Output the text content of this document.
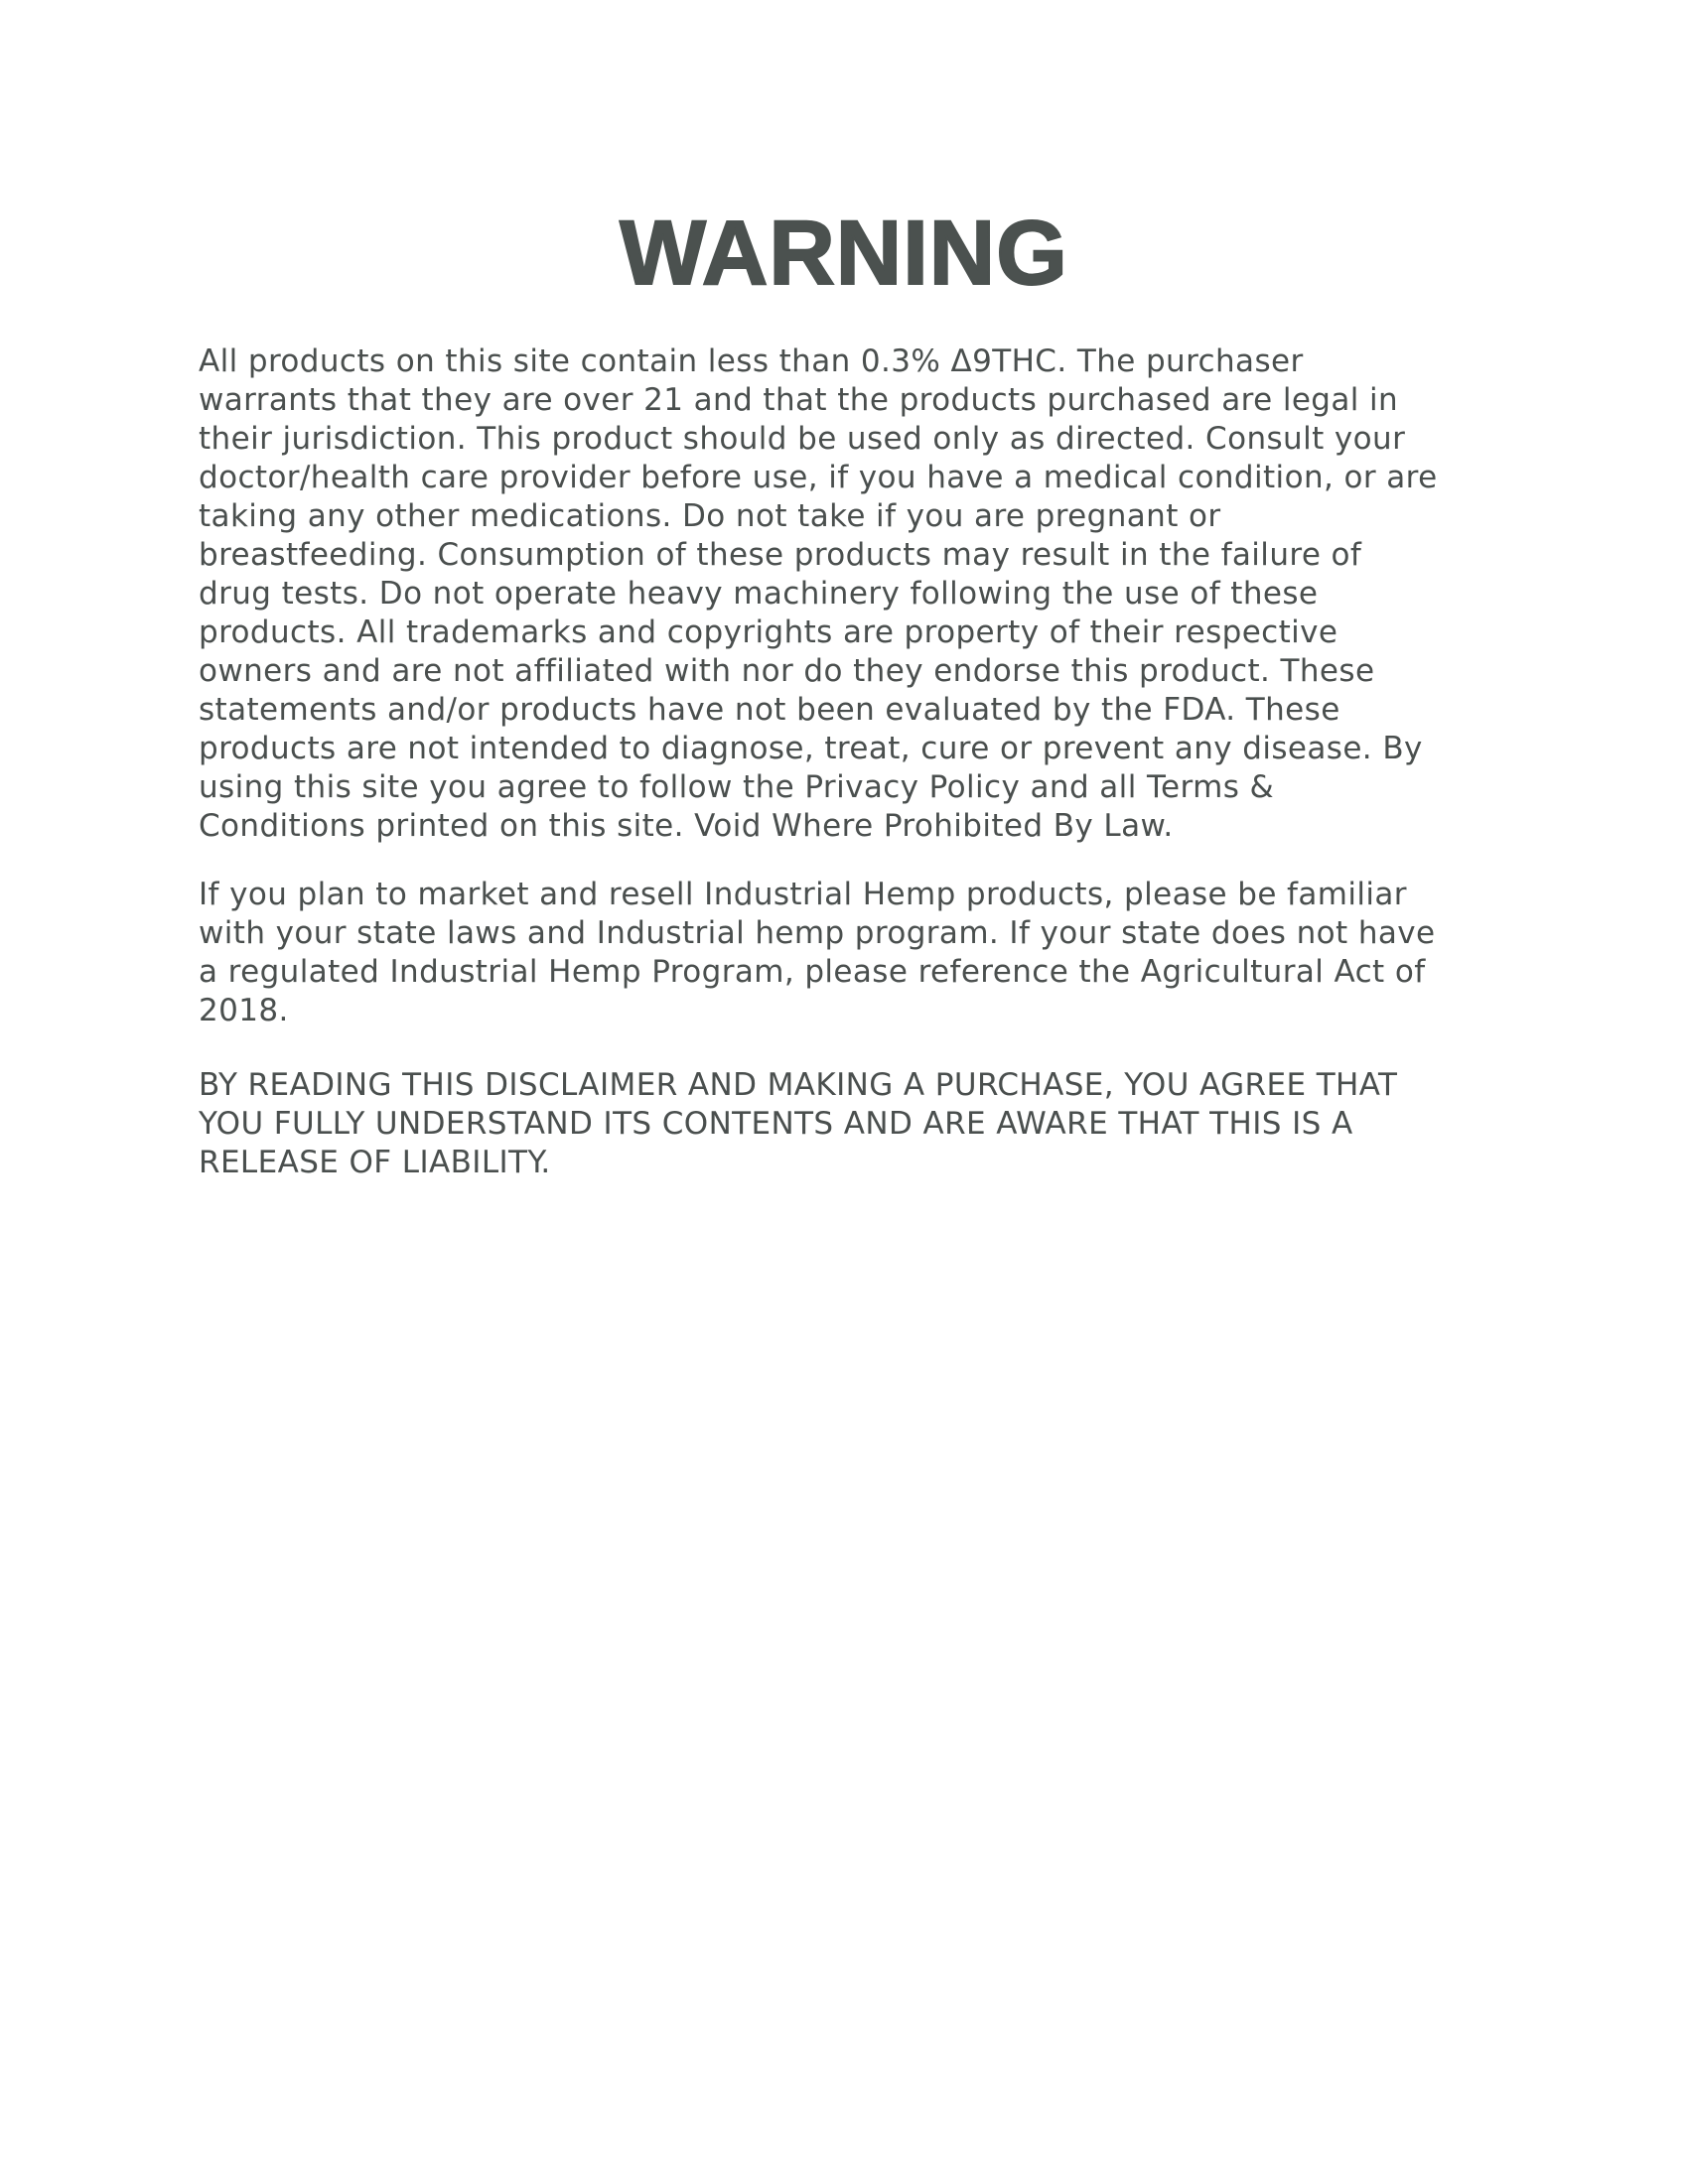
WARNING

All products on this site contain less than 0.3% Δ9THC. The purchaser
warrants that they are over 21 and that the products purchased are legal in
their jurisdiction. This product should be used only as directed. Consult your
doctor/health care provider before use, if you have a medical condition, or are
taking any other medications. Do not take if you are pregnant or
breastfeeding. Consumption of these products may result in the failure of
drug tests. Do not operate heavy machinery following the use of these
products. All trademarks and copyrights are property of their respective
owners and are not affiliated with nor do they endorse this product. These
statements and/or products have not been evaluated by the FDA. These
products are not intended to diagnose, treat, cure or prevent any disease. By
using this site you agree to follow the Privacy Policy and all Terms &
Conditions printed on this site. Void Where Prohibited By Law.

If you plan to market and resell Industrial Hemp products, please be familiar
with your state laws and Industrial hemp program. If your state does not have
a regulated Industrial Hemp Program, please reference the Agricultural Act of
2018.

BY READING THIS DISCLAIMER AND MAKING A PURCHASE, YOU AGREE THAT
YOU FULLY UNDERSTAND ITS CONTENTS AND ARE AWARE THAT THIS IS A
RELEASE OF LIABILITY.
